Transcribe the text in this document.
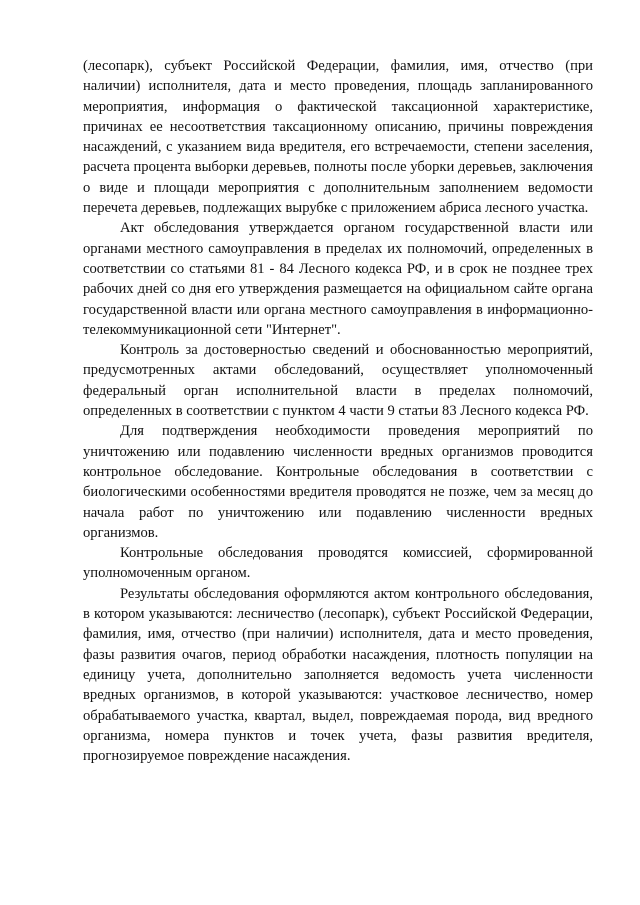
(лесопарк), субъект Российской Федерации, фамилия, имя, отчество (при наличии) исполнителя, дата и место проведения, площадь запланированного мероприятия, информация о фактической таксационной характеристике, причинах ее несоответствия таксационному описанию, причины повреждения насаждений, с указанием вида вредителя, его встречаемости, степени заселения, расчета процента выборки деревьев, полноты после уборки деревьев, заключения о виде и площади мероприятия с дополнительным заполнением ведомости перечета деревьев, подлежащих вырубке с приложением абриса лесного участка.

Акт обследования утверждается органом государственной власти или органами местного самоуправления в пределах их полномочий, определенных в соответствии со статьями 81 - 84 Лесного кодекса РФ, и в срок не позднее трех рабочих дней со дня его утверждения размещается на официальном сайте органа государственной власти или органа местного самоуправления в информационно-телекоммуникационной сети "Интернет".

Контроль за достоверностью сведений и обоснованностью мероприятий, предусмотренных актами обследований, осуществляет уполномоченный федеральный орган исполнительной власти в пределах полномочий, определенных в соответствии с пунктом 4 части 9 статьи 83 Лесного кодекса РФ.

Для подтверждения необходимости проведения мероприятий по уничтожению или подавлению численности вредных организмов проводится контрольное обследование. Контрольные обследования в соответствии с биологическими особенностями вредителя проводятся не позже, чем за месяц до начала работ по уничтожению или подавлению численности вредных организмов.

Контрольные обследования проводятся комиссией, сформированной уполномоченным органом.

Результаты обследования оформляются актом контрольного обследования, в котором указываются: лесничество (лесопарк), субъект Российской Федерации, фамилия, имя, отчество (при наличии) исполнителя, дата и место проведения, фазы развития очагов, период обработки насаждения, плотность популяции на единицу учета, дополнительно заполняется ведомость учета численности вредных организмов, в которой указываются: участковое лесничество, номер обрабатываемого участка, квартал, выдел, повреждаемая порода, вид вредного организма, номера пунктов и точек учета, фазы развития вредителя, прогнозируемое повреждение насаждения.
